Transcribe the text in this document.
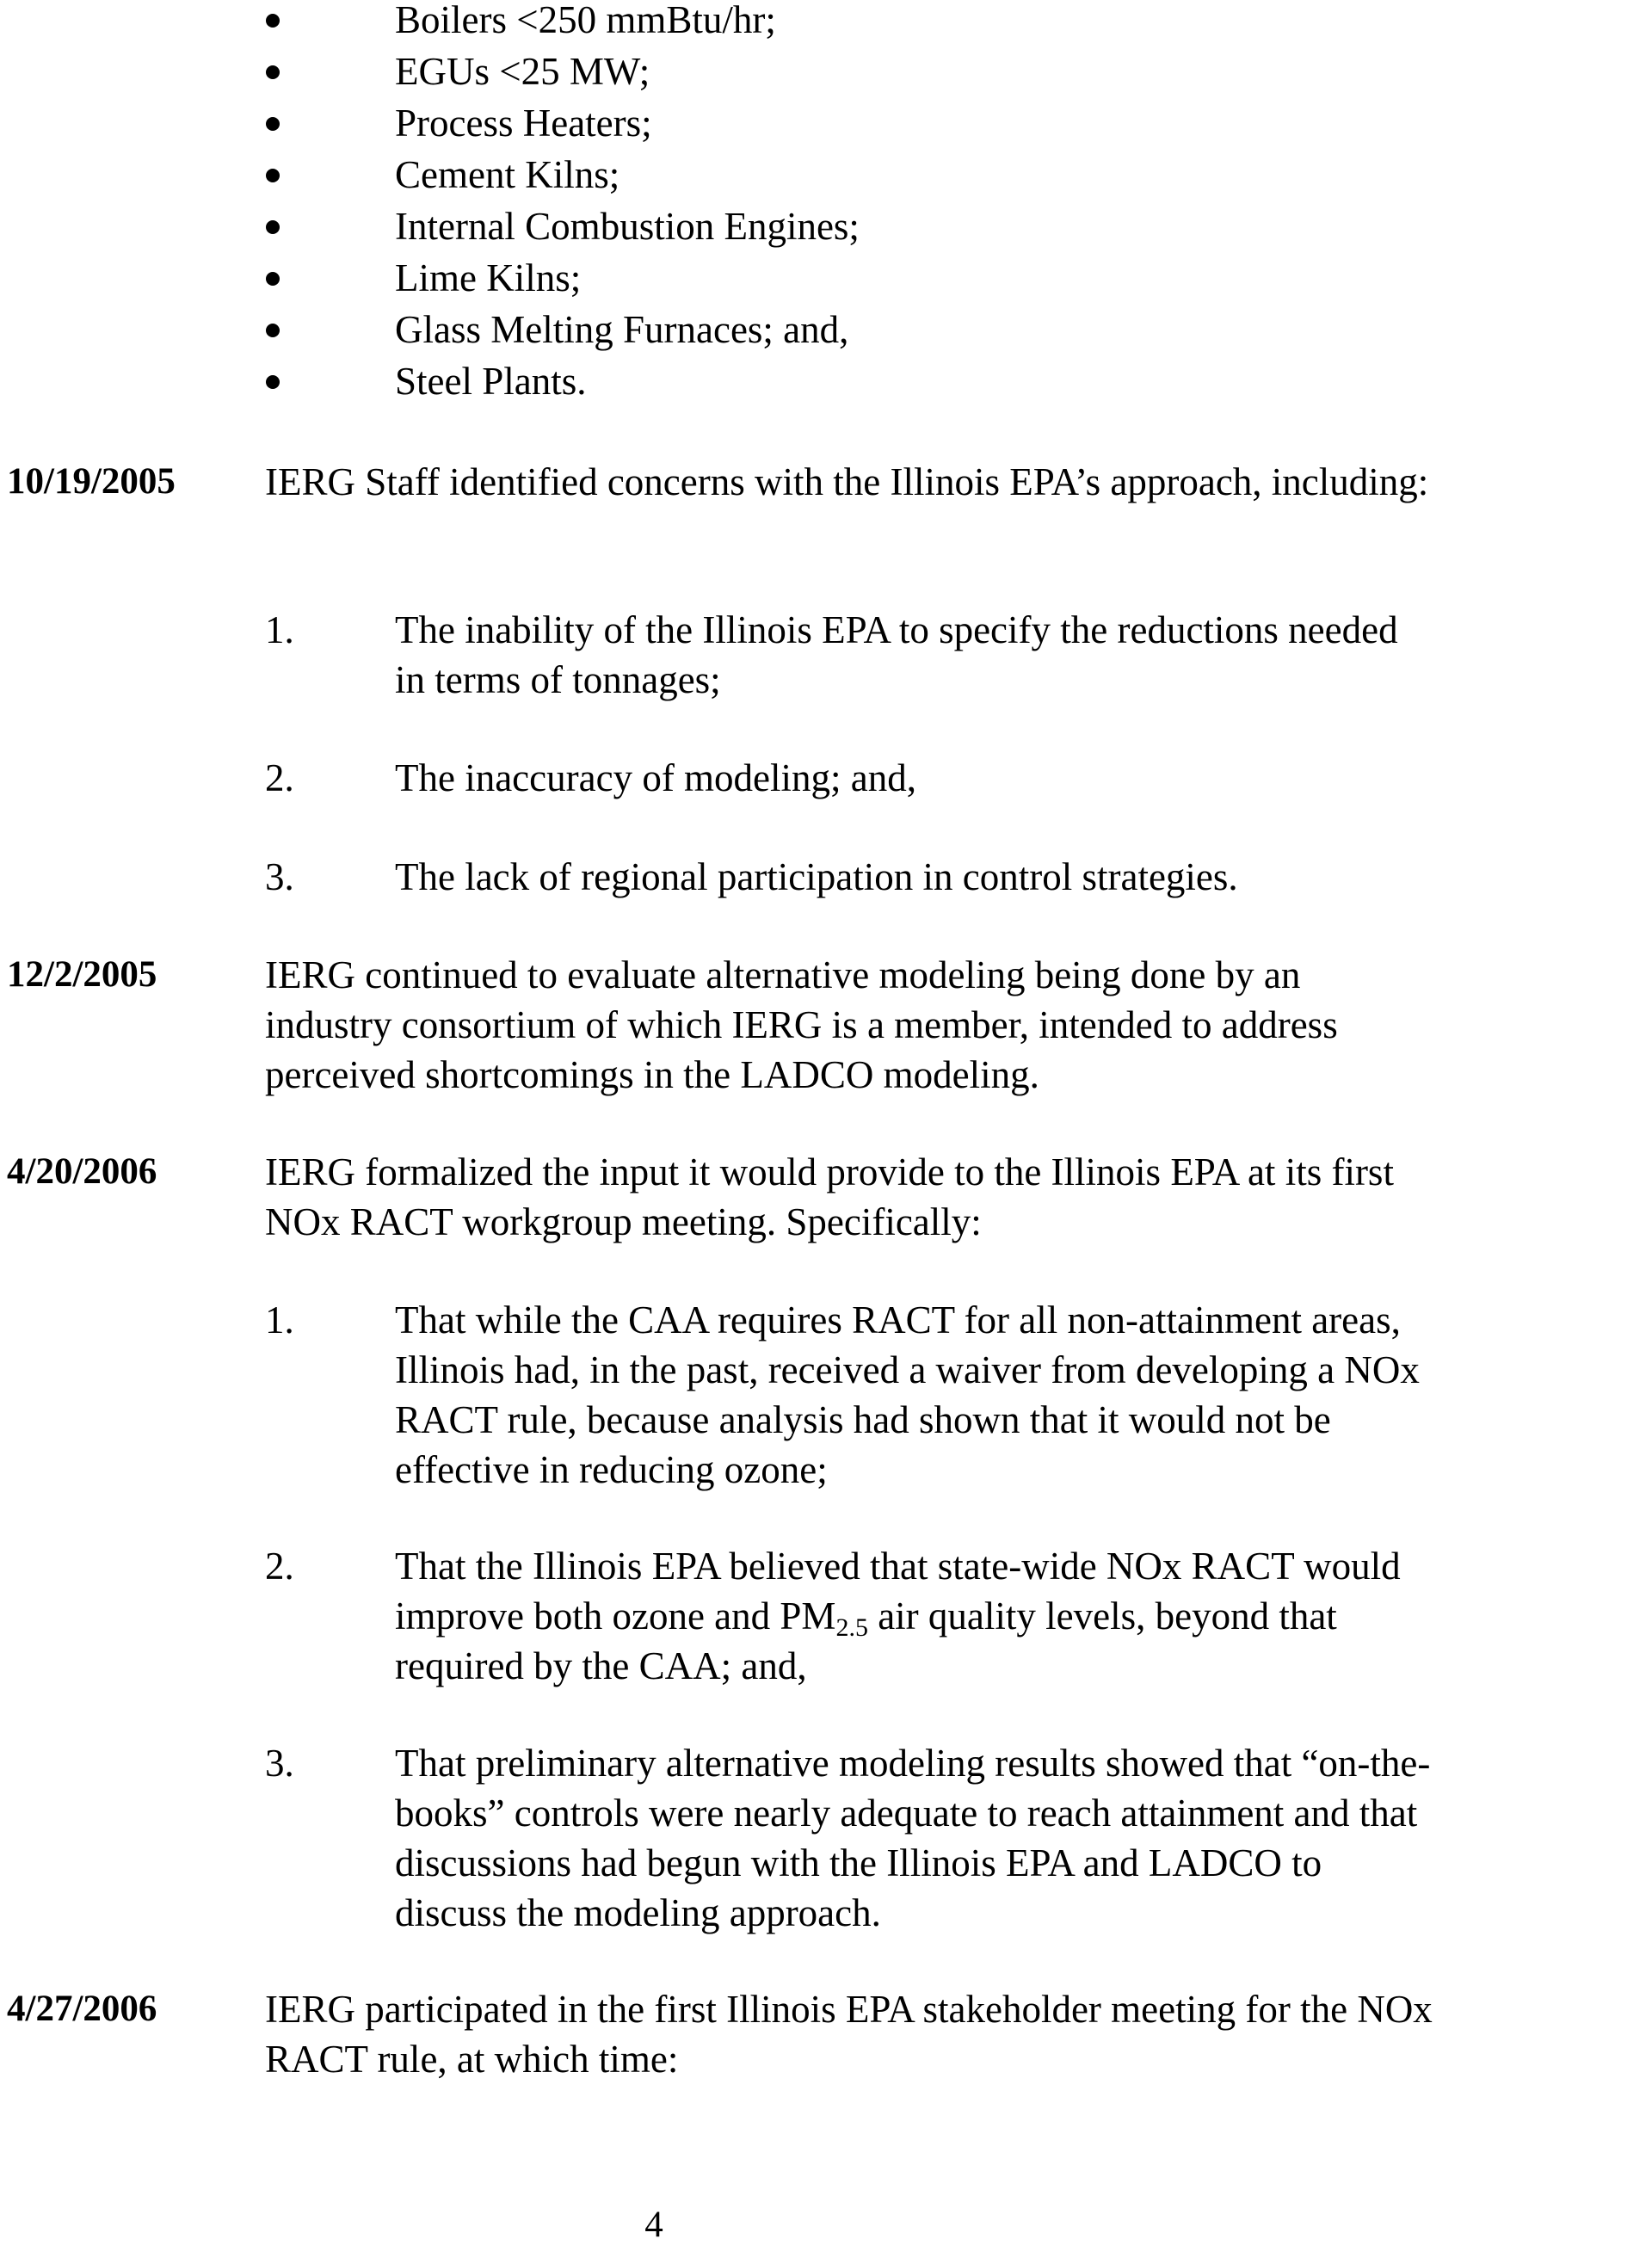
Boilers <250 mmBtu/hr;
EGUs <25 MW;
Process Heaters;
Cement Kilns;
Internal Combustion Engines;
Lime Kilns;
Glass Melting Furnaces; and,
Steel Plants.
10/19/2005 IERG Staff identified concerns with the Illinois EPA’s approach, including:
1.	The inability of the Illinois EPA to specify the reductions needed in terms of tonnages;
2.	The inaccuracy of modeling; and,
3.	The lack of regional participation in control strategies.
12/2/2005	IERG continued to evaluate alternative modeling being done by an industry consortium of which IERG is a member, intended to address perceived shortcomings in the LADCO modeling.
4/20/2006	IERG formalized the input it would provide to the Illinois EPA at its first NOx RACT workgroup meeting. Specifically:
1.	That while the CAA requires RACT for all non-attainment areas, Illinois had, in the past, received a waiver from developing a NOx RACT rule, because analysis had shown that it would not be effective in reducing ozone;
2.	That the Illinois EPA believed that state-wide NOx RACT would improve both ozone and $PM_{2.5}$ air quality levels, beyond that required by the CAA; and,
3.	That preliminary alternative modeling results showed that “on-the-books” controls were nearly adequate to reach attainment and that discussions had begun with the Illinois EPA and LADCO to discuss the modeling approach.
4/27/2006	IERG participated in the first Illinois EPA stakeholder meeting for the NOx RACT rule, at which time:
4
